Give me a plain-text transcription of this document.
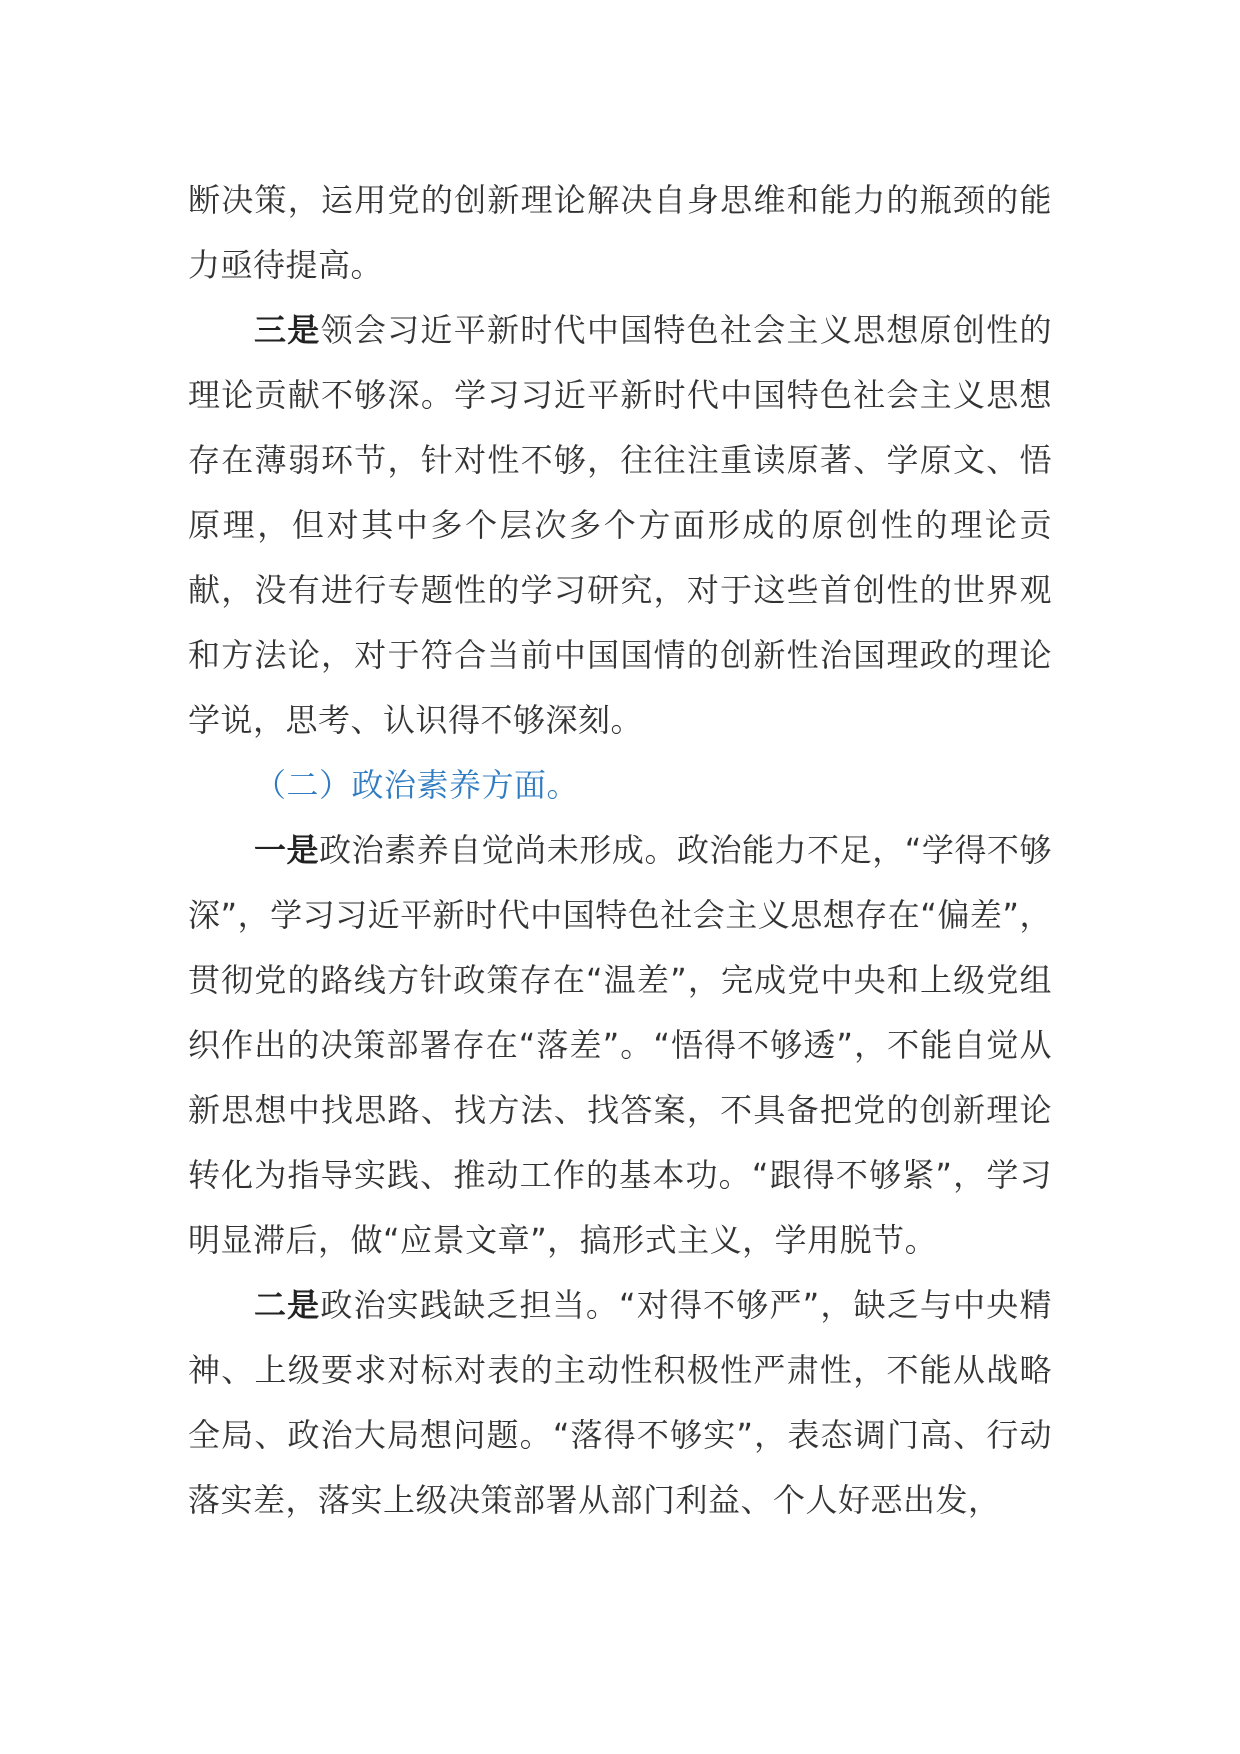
断决策，运用党的创新理论解决自身思维和能力的瓶颈的能力亟待提高。

三是领会习近平新时代中国特色社会主义思想原创性的理论贡献不够深。学习习近平新时代中国特色社会主义思想存在薄弱环节，针对性不够，往往注重读原著、学原文、悟原理，但对其中多个层次多个方面形成的原创性的理论贡献，没有进行专题性的学习研究，对于这些首创性的世界观和方法论，对于符合当前中国国情的创新性治国理政的理论学说，思考、认识得不够深刻。

（二）政治素养方面。

一是政治素养自觉尚未形成。政治能力不足，“学得不够深”，学习习近平新时代中国特色社会主义思想存在“偏差”，贯彻党的路线方针政策存在“温差”，完成党中央和上级党组织作出的决策部署存在“落差”。“悟得不够透”，不能自觉从新思想中找思路、找方法、找答案，不具备把党的创新理论转化为指导实践、推动工作的基本功。“跟得不够紧”，学习明显滞后，做“应景文章”，搞形式主义，学用脱节。

二是政治实践缺乏担当。“对得不够严”，缺乏与中央精神、上级要求对标对表的主动性积极性严肃性，不能从战略全局、政治大局想问题。“落得不够实”，表态调门高、行动落实差，落实上级决策部署从部门利益、个人好恶出发，
